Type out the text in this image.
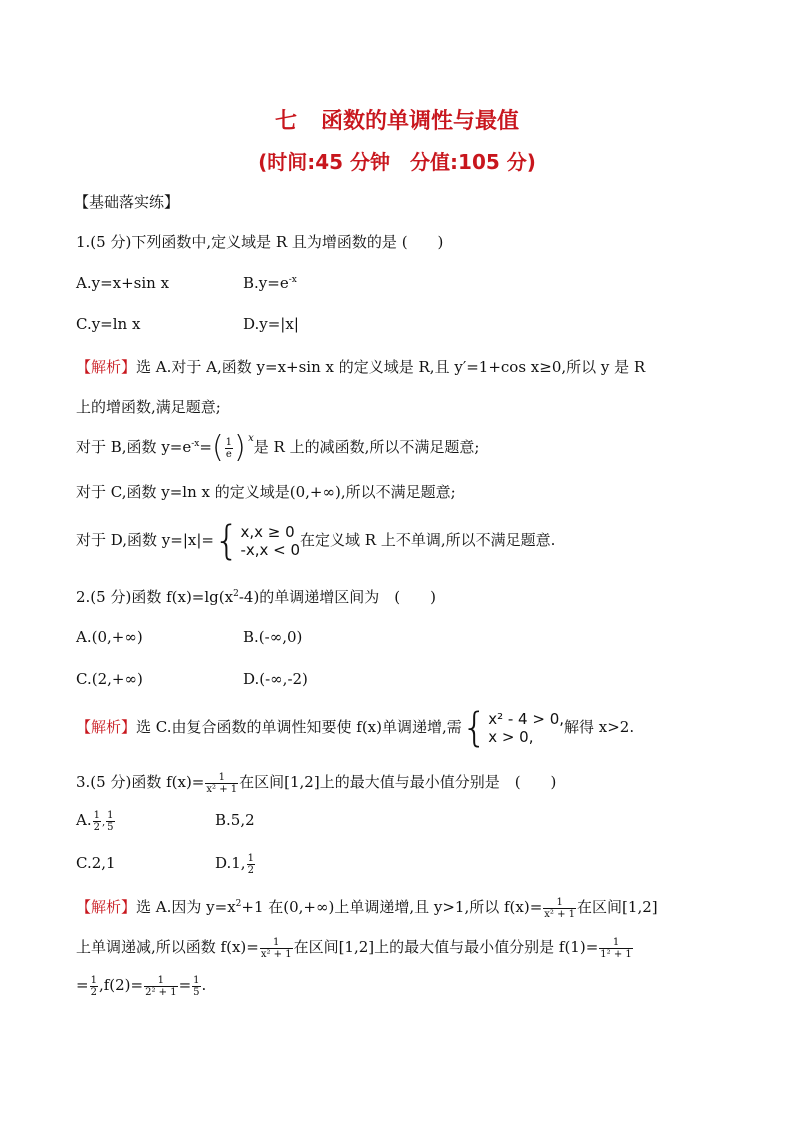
七 函数的单调性与最值
(时间:45 分钟　分值:105 分)
【基础落实练】
1.(5 分)下列函数中,定义域是 R 且为增函数的是 (　　)
A.y=x+sin x	$B.y=e^{-x}$
C.y=ln x	D.y=|x|
【解析】选 A.对于 A,函数 y=x+sin x 的定义域是 R,且 y′=1+cos x≥0,所以 y 是 R
上的增函数,满足题意;
对于 B,函数 $y=e^{-x}=( \frac{1}{e}$ ) x 是 R 上的减函数,所以不满足题意;
对于 C,函数 y=ln x 的定义域是(0,+∞),所以不满足题意;
对于 D,函数 y=|x|={ x,x ≥ 0
-x,x < 0
在定义域 R 上不单调,所以不满足题意.
2.(5 分)函数 $f(x)=\lg(x^2-4)$的单调递增区间为　(　　)
A.(0,+∞)	B.(-∞,0)
C.(2,+∞)	D.(-∞,-2)
【解析】选 C.由复合函数的单调性知要使 f(x)单调递增,需{ x² - 4 > 0,
x > 0,
解得 x>2.
3.(5 分)函数 $f(x)= \frac{1}{\text{x² + 1}}$ 在区间[1,2]上的最大值与最小值分别是　(　　)
A. $\frac{1}{2}$ , $\frac{1}{5}$	B.5,2
C.2,1	D.1, $\frac{1}{2}$
【解析】选 A.因为 $y=x^2+1$ 在(0,+∞)上单调递增,且 y>1,所以 $f(x)= \frac{1}{\text{x² + 1}}$ 在区间[1,2]
上单调递减,所以函数 $f(x)= \frac{1}{\text{x² + 1}}$ 在区间[1,2]上的最大值与最小值分别是 $f(1)= \frac{1}{\text{1² + 1}}$
= $\frac{1}{2} ,f(2)= \frac{1}{\text{2² + 1}} = \frac{1}{5}$ .
